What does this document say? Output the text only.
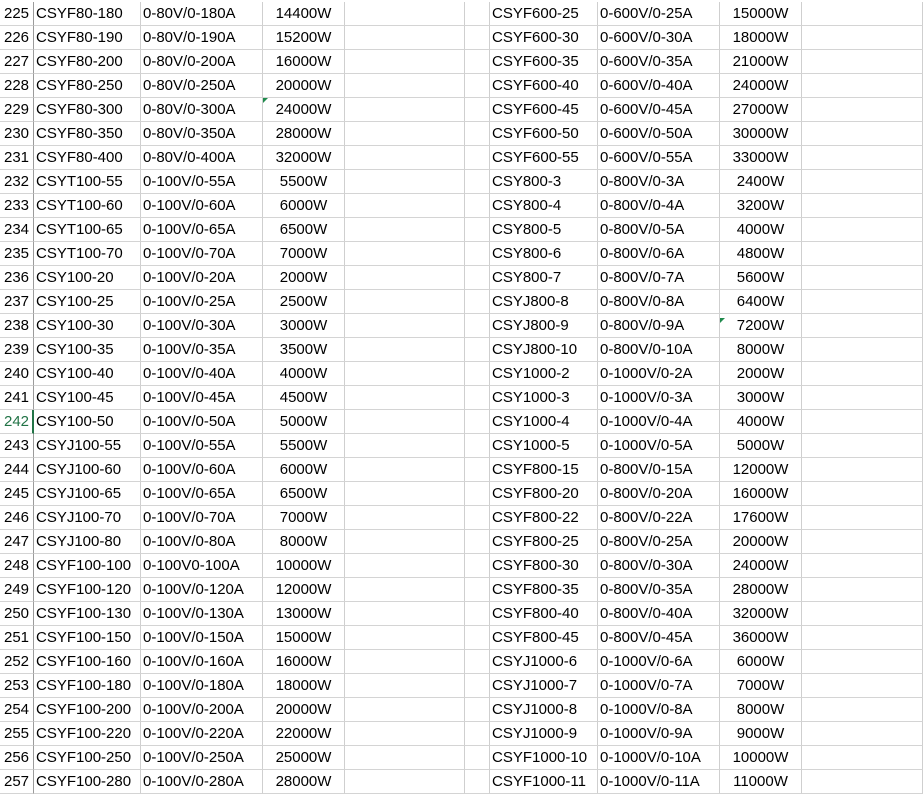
225 CSYF80-180	0-80V/0-180A	14400W	CSYF600-25	0-600V/0-25A	15000W
226 CSYF80-190	0-80V/0-190A	15200W	CSYF600-30	0-600V/0-30A	18000W
227 CSYF80-200	0-80V/0-200A	16000W	CSYF600-35	0-600V/0-35A	21000W
228 CSYF80-250	0-80V/0-250A	20000W	CSYF600-40	0-600V/0-40A	24000W
229 CSYF80-300	0-80V/0-300A	24000W	CSYF600-45	0-600V/0-45A	27000W
230 CSYF80-350	0-80V/0-350A	28000W	CSYF600-50	0-600V/0-50A	30000W
231 CSYF80-400	0-80V/0-400A	32000W	CSYF600-55	0-600V/0-55A	33000W
232 CSYT100-55	0-100V/0-55A	5500W	CSY800-3	0-800V/0-3A	2400W
233 CSYT100-60	0-100V/0-60A	6000W	CSY800-4	0-800V/0-4A	3200W
234 CSYT100-65	0-100V/0-65A	6500W	CSY800-5	0-800V/0-5A	4000W
235 CSYT100-70	0-100V/0-70A	7000W	CSY800-6	0-800V/0-6A	4800W
236 CSY100-20	0-100V/0-20A	2000W	CSY800-7	0-800V/0-7A	5600W
237 CSY100-25	0-100V/0-25A	2500W	CSYJ800-8	0-800V/0-8A	6400W
238 CSY100-30	0-100V/0-30A	3000W	CSYJ800-9	0-800V/0-9A	7200W
239 CSY100-35	0-100V/0-35A	3500W	CSYJ800-10	0-800V/0-10A	8000W
240 CSY100-40	0-100V/0-40A	4000W	CSY1000-2	0-1000V/0-2A	2000W
241 CSY100-45	0-100V/0-45A	4500W	CSY1000-3	0-1000V/0-3A	3000W
242 CSY100-50	0-100V/0-50A	5000W	CSY1000-4	0-1000V/0-4A	4000W
243 CSYJ100-55	0-100V/0-55A	5500W	CSY1000-5	0-1000V/0-5A	5000W
244 CSYJ100-60	0-100V/0-60A	6000W	CSYF800-15	0-800V/0-15A	12000W
245 CSYJ100-65	0-100V/0-65A	6500W	CSYF800-20	0-800V/0-20A	16000W
246 CSYJ100-70	0-100V/0-70A	7000W	CSYF800-22	0-800V/0-22A	17600W
247 CSYJ100-80	0-100V/0-80A	8000W	CSYF800-25	0-800V/0-25A	20000W
248 CSYF100-100 0-100V0-100A	10000W	CSYF800-30	0-800V/0-30A	24000W
249 CSYF100-120 0-100V/0-120A	12000W	CSYF800-35	0-800V/0-35A	28000W
250 CSYF100-130 0-100V/0-130A	13000W	CSYF800-40	0-800V/0-40A	32000W
251 CSYF100-150 0-100V/0-150A	15000W	CSYF800-45	0-800V/0-45A	36000W
252 CSYF100-160 0-100V/0-160A	16000W	CSYJ1000-6	0-1000V/0-6A	6000W
253 CSYF100-180 0-100V/0-180A	18000W	CSYJ1000-7	0-1000V/0-7A	7000W
254 CSYF100-200 0-100V/0-200A	20000W	CSYJ1000-8	0-1000V/0-8A	8000W
255 CSYF100-220 0-100V/0-220A	22000W	CSYJ1000-9	0-1000V/0-9A	9000W
256 CSYF100-250 0-100V/0-250A	25000W	CSYF1000-10 0-1000V/0-10A	10000W
257 CSYF100-280 0-100V/0-280A	28000W	CSYF1000-11 0-1000V/0-11A	11000W
